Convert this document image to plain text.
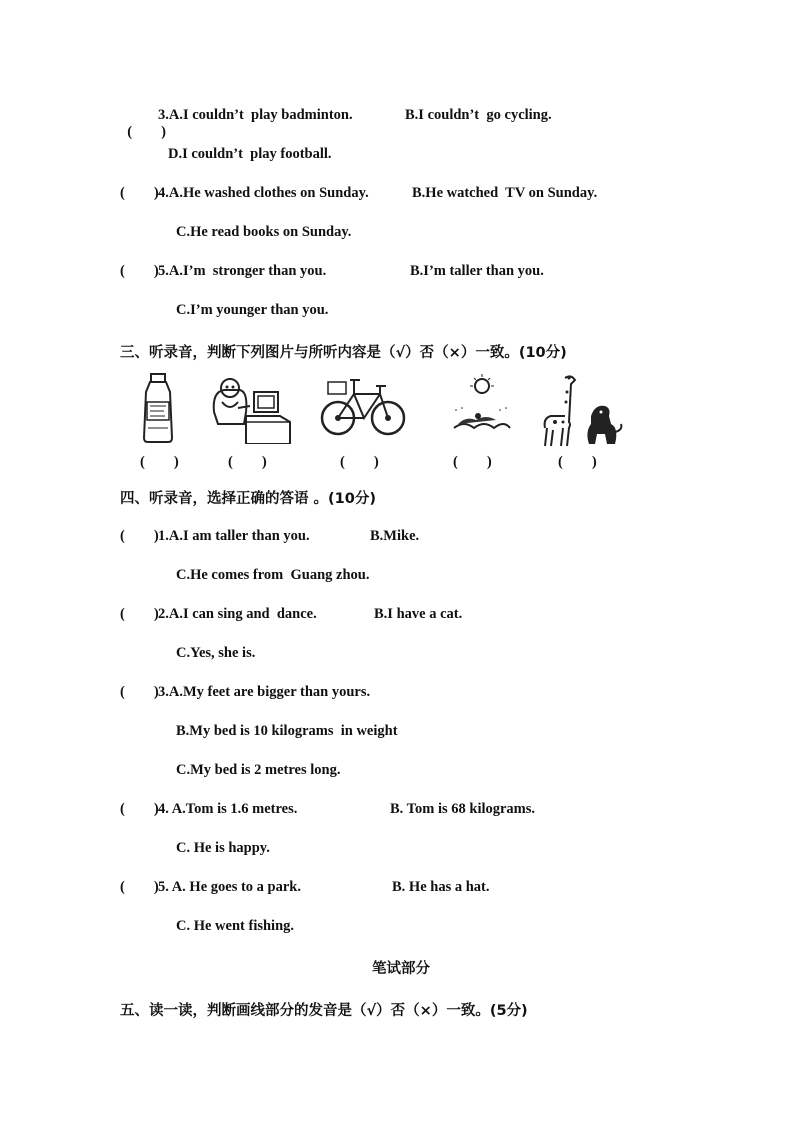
(        )

3.A.I couldn’t  play badminton.	B.I couldn’t  go cycling.
D.I couldn’t  play football.
(        ) 4.A.He washed clothes on Sunday.	B.He watched  TV on Sunday.
C.He read books on Sunday.
(        ) 5.A.I’m  stronger than you.	B.I’m taller than you.
C.I’m younger than you.
三、听录音，判断下列图片与所听内容是（√）否（×）一致。(10分)
(        )	(        )	(        )	(        )	(        )
四、听录音，选择正确的答语 。(10分)
(        ) 1.A.I am taller than you.	B.Mike.
C.He comes from  Guang zhou.
(        ) 2.A.I can sing and  dance.	B.I have a cat.
C.Yes, she is.
(        ) 3.A.My feet are bigger than yours.
B.My bed is 10 kilograms  in weight
C.My bed is 2 metres long.
(        ) 4. A.Tom is 1.6 metres.	B. Tom is 68 kilograms.
C. He is happy.
(        ) 5. A. He goes to a park.	B. He has a hat.
C. He went fishing.
笔试部分
五、读一读，判断画线部分的发音是（√）否（×）一致。(5分)
